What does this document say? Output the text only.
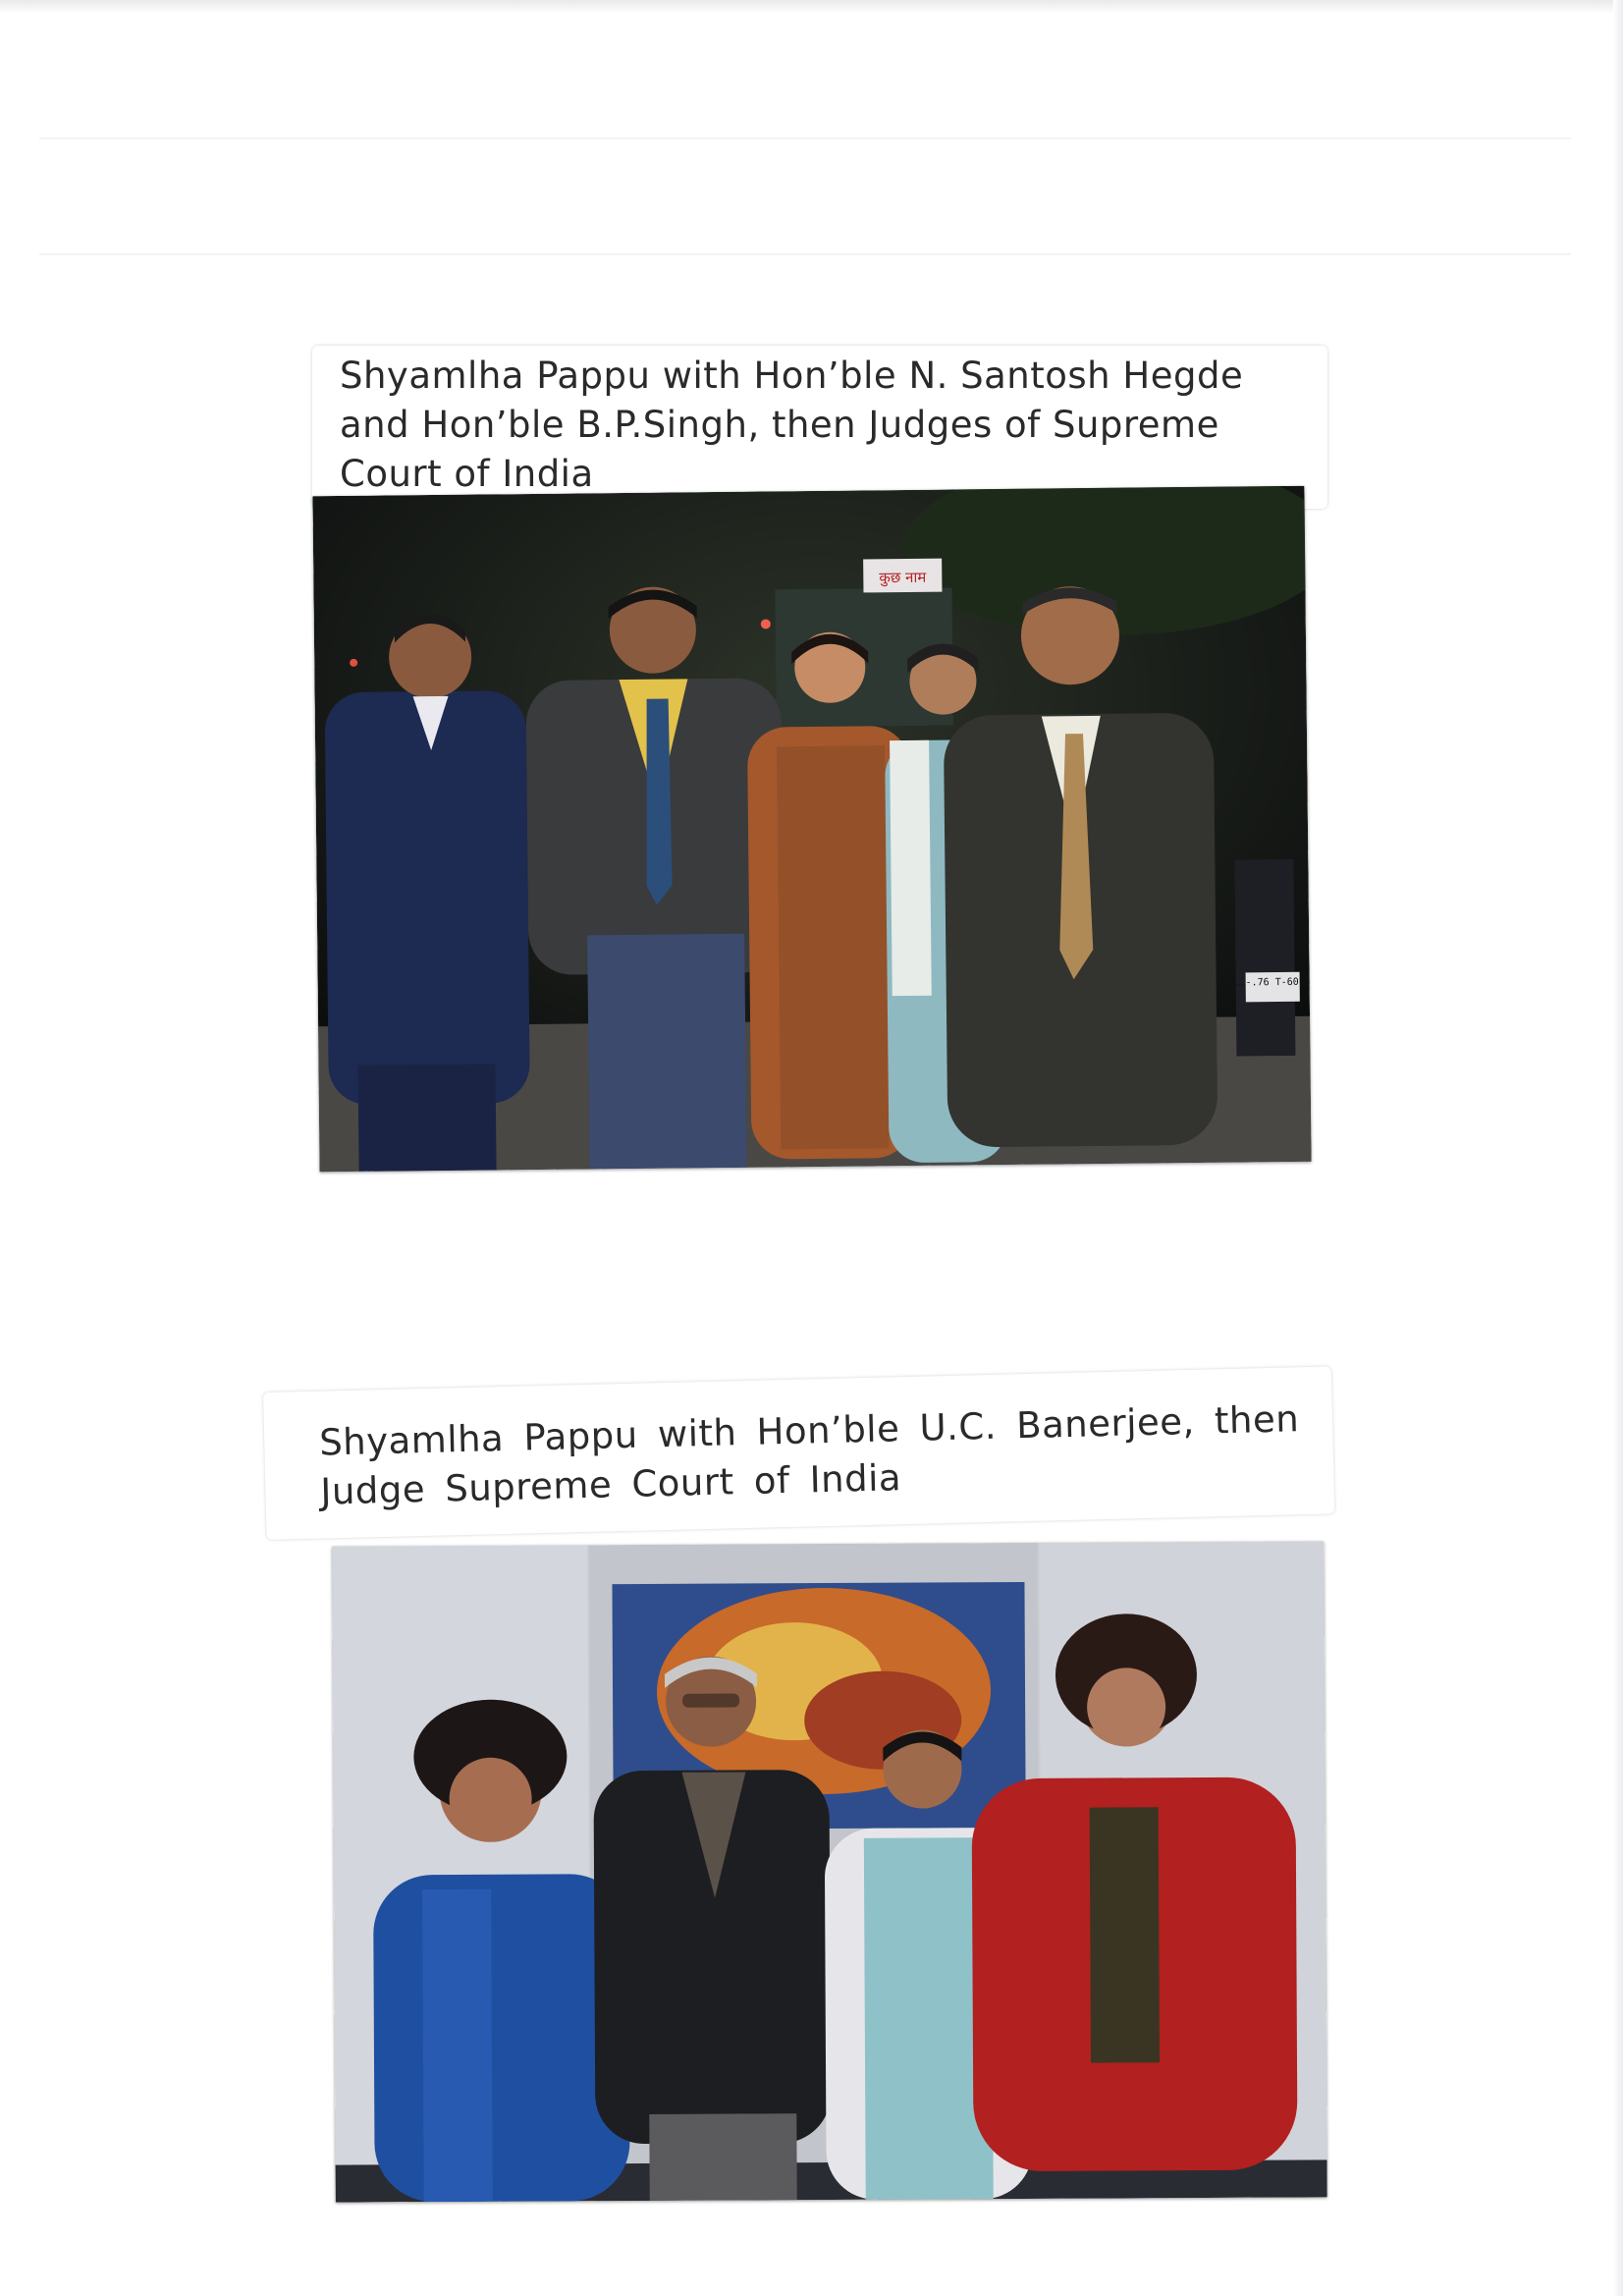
Shyamlha Pappu with Hon’ble N. Santosh Hegde and Hon’ble B.P.Singh, then Judges of Supreme Court of India
कुछ नाम
L.-.76 T-6015
Shyamlha Pappu with Hon’ble U.C. Banerjee, then Judge Supreme Court of India
